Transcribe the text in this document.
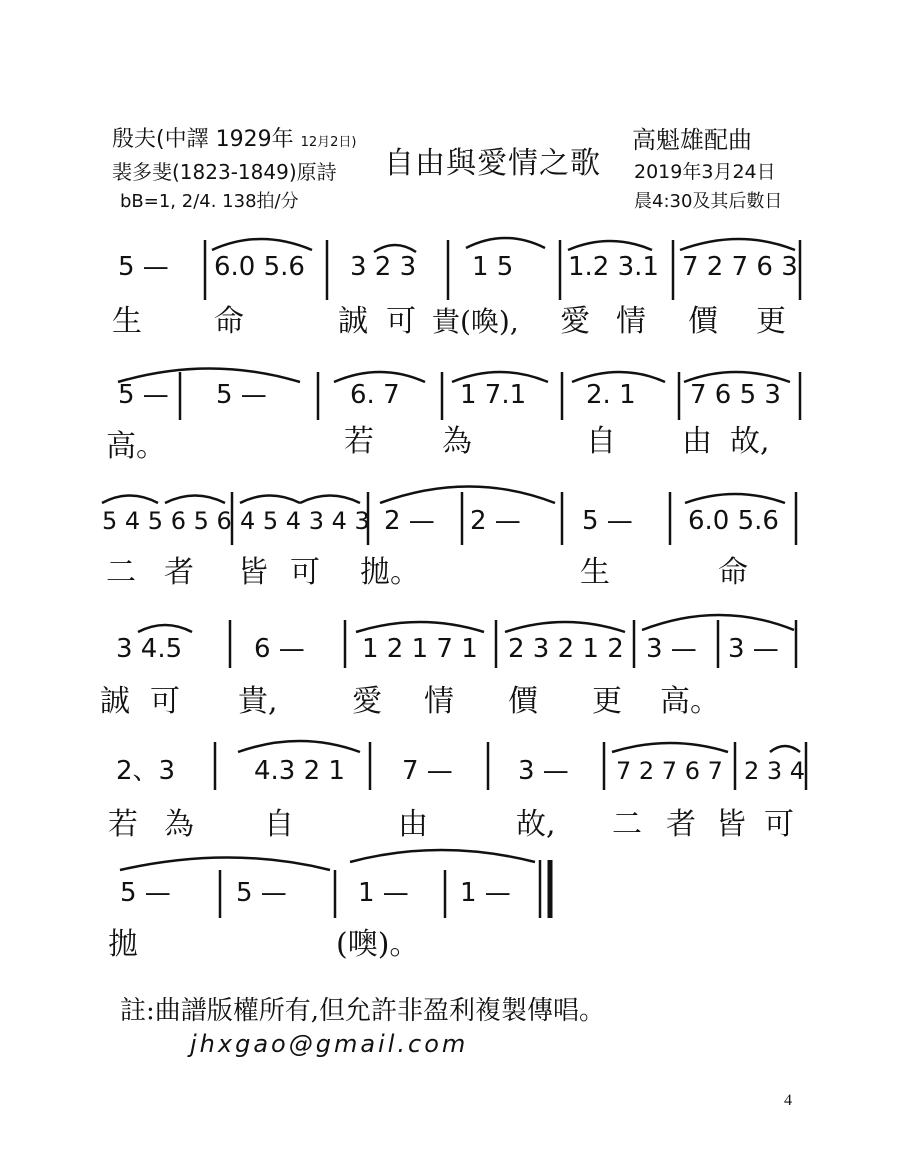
殷夫(中譯 1929年 12月2日)
裴多斐(1823-1849)原詩
bB=1, 2/4. 138拍/分
自由與愛情之歌
高魁雄配曲
2019年3月24日
晨4:30及其后數日
5 — 6.0 5.6 3 2 3 1 5 1.2 3.1 7 2 7 6 3
生 命	誠 可 貴(喚), 愛 情 價 更
5 — 5 —	6. 7 1 7.1 2. 1 7 6 5 3
高。	若 為	自 由 故,
5 4 5 6 5 6 4 5 4 3 4 3 2 — 2 — 5 — 6.0 5.6
二 者 皆 可 拋。	生	命
3 4.5	6 — 1 2 1 7 1 2 3 2 1 2 3 — 3 —
誠 可 貴, 愛 情 價 更 高。
2、3	4.3 2 1 7 —	3 — 7 2 7 6 7 2 3 4
若 為 自	由	故, 二 者 皆 可
5 —	5 —	1 — 1 —
拋	(噢)。
註:曲譜版權所有,但允許非盈利複製傳唱。
jhxgao@gmail.com
4
